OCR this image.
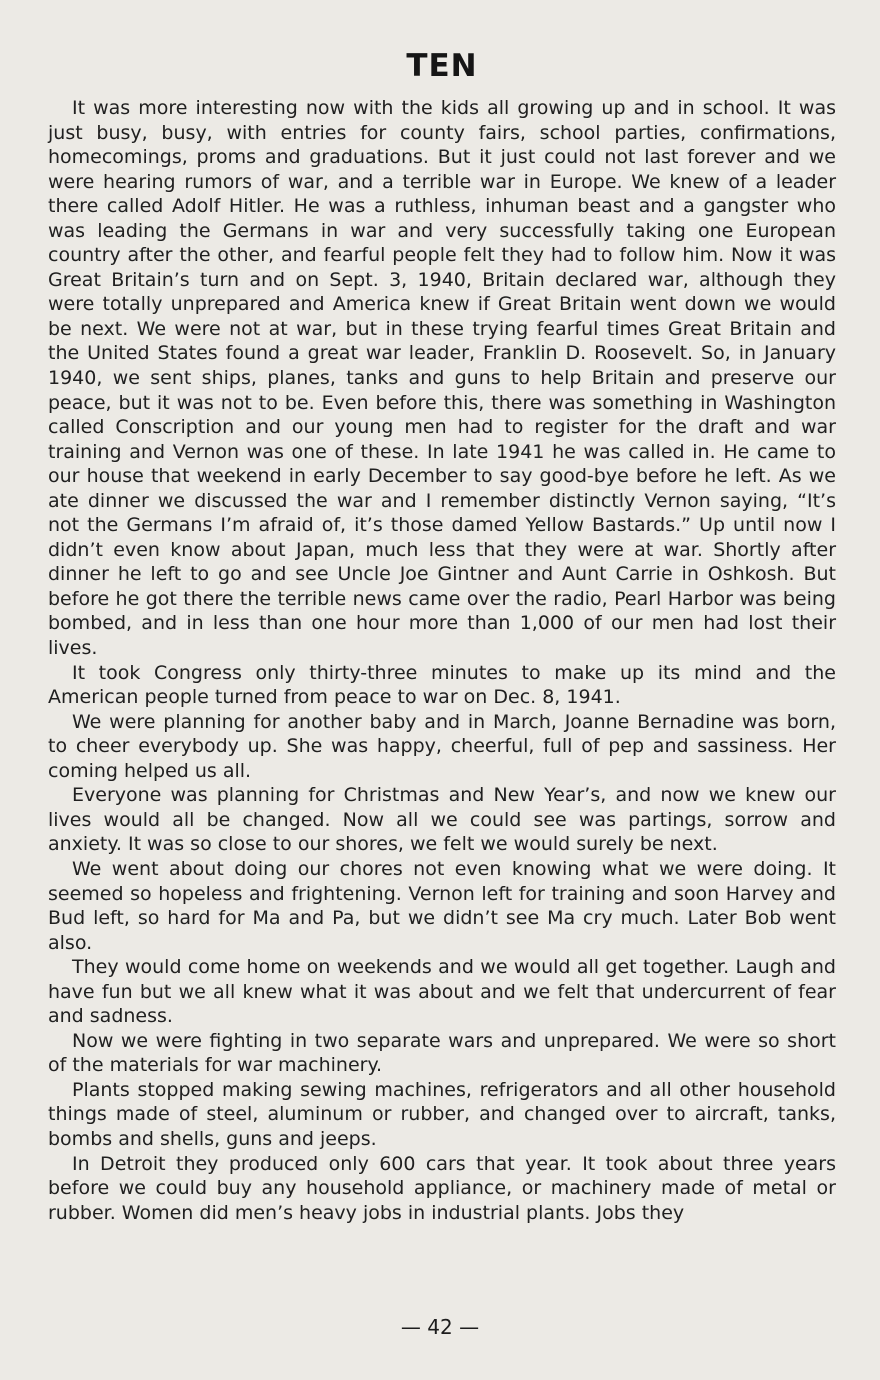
TEN

It was more interesting now with the kids all growing up and in school. It was just busy, busy, with entries for county fairs, school parties, confirmations, homecomings, proms and graduations. But it just could not last forever and we were hearing rumors of war, and a terrible war in Europe. We knew of a leader there called Adolf Hitler. He was a ruthless, inhuman beast and a gangster who was leading the Germans in war and very successfully taking one European country after the other, and fearful people felt they had to follow him. Now it was Great Britain’s turn and on Sept. 3, 1940, Britain declared war, although they were totally unprepared and America knew if Great Britain went down we would be next. We were not at war, but in these trying fearful times Great Britain and the United States found a great war leader, Franklin D. Roosevelt. So, in January 1940, we sent ships, planes, tanks and guns to help Britain and preserve our peace, but it was not to be. Even before this, there was something in Washington called Conscription and our young men had to register for the draft and war training and Vernon was one of these. In late 1941 he was called in. He came to our house that weekend in early December to say good-bye before he left. As we ate dinner we discussed the war and I remember distinctly Vernon saying, “It’s not the Germans I’m afraid of, it’s those damed Yellow Bastards.” Up until now I didn’t even know about Japan, much less that they were at war. Shortly after dinner he left to go and see Uncle Joe Gintner and Aunt Carrie in Oshkosh. But before he got there the terrible news came over the radio, Pearl Harbor was being bombed, and in less than one hour more than 1,000 of our men had lost their lives.

It took Congress only thirty-three minutes to make up its mind and the American people turned from peace to war on Dec. 8, 1941.

We were planning for another baby and in March, Joanne Bernadine was born, to cheer everybody up. She was happy, cheerful, full of pep and sassiness. Her coming helped us all.

Everyone was planning for Christmas and New Year’s, and now we knew our lives would all be changed. Now all we could see was partings, sorrow and anxiety. It was so close to our shores, we felt we would surely be next.

We went about doing our chores not even knowing what we were doing. It seemed so hopeless and frightening. Vernon left for training and soon Harvey and Bud left, so hard for Ma and Pa, but we didn’t see Ma cry much. Later Bob went also.

They would come home on weekends and we would all get together. Laugh and have fun but we all knew what it was about and we felt that undercurrent of fear and sadness.

Now we were fighting in two separate wars and unprepared. We were so short of the materials for war machinery.

Plants stopped making sewing machines, refrigerators and all other household things made of steel, aluminum or rubber, and changed over to aircraft, tanks, bombs and shells, guns and jeeps.

In Detroit they produced only 600 cars that year. It took about three years before we could buy any household appliance, or machinery made of metal or rubber. Women did men’s heavy jobs in industrial plants. Jobs they

— 42 —
